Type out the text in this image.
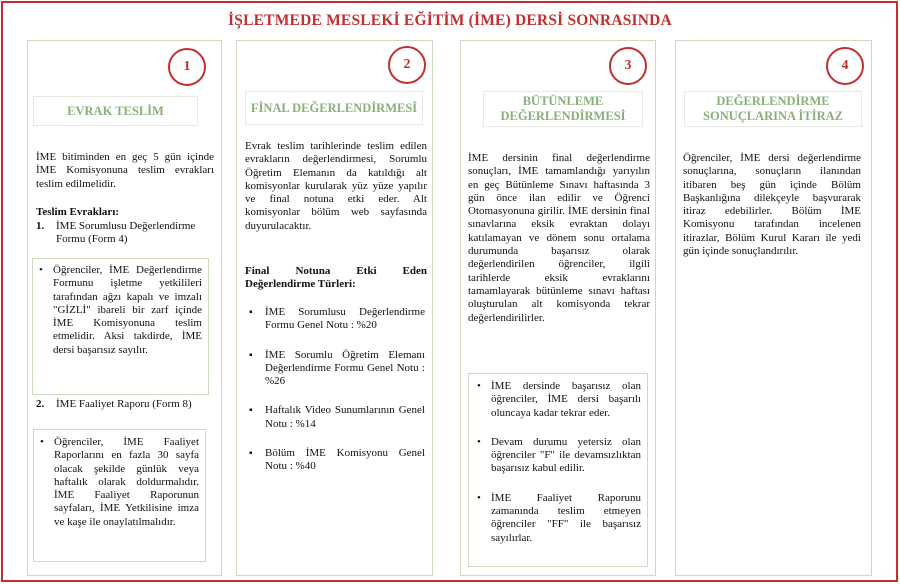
İŞLETMEDE MESLEKİ EĞİTİM (İME) DERSİ SONRASINDA
1
EVRAK TESLİM
İME bitiminden en geç 5 gün içinde İME Komisyonuna teslim evrakları teslim edilmelidir.
Teslim Evrakları:
1.	İME Sorumlusu Değerlendirme Formu (Form 4)
• Öğrenciler, İME Değerlendirme Formunu işletme yetkilileri tarafından ağzı kapalı ve imzalı "GİZLİ" ibareli bir zarf içinde İME Komisyonuna teslim etmelidir. Aksi takdirde, İME dersi başarısız sayılır.
2.	İME Faaliyet Raporu (Form 8)
• Öğrenciler, İME Faaliyet Raporlarını en fazla 30 sayfa olacak şekilde günlük veya haftalık olarak doldurmalıdır. İME Faaliyet Raporunun sayfaları, İME Yetkilisine imza ve kaşe ile onaylatılmalıdır.
2
FİNAL DEĞERLENDİRMESİ
Evrak teslim tarihlerinde teslim edilen evrakların değerlendirmesi, Sorumlu Öğretim Elemanın da katıldığı alt komisyonlar kurularak yüz yüze yapılır ve final notuna etki eder. Alt komisyonlar bölüm web sayfasında duyurulacaktır.
Final Notuna Etki Eden Değerlendirme Türleri:
▪ İME Sorumlusu Değerlendirme Formu Genel Notu : %20
▪ İME Sorumlu Öğretim Elemanı Değerlendirme Formu Genel Notu : %26
▪ Haftalık Video Sunumlarının Genel Notu : %14
▪ Bölüm İME Komisyonu Genel Notu : %40
3
BÜTÜNLEME DEĞERLENDİRMESİ
İME dersinin final değerlendirme sonuçları, İME tamamlandığı yarıyılın en geç Bütünleme Sınavı haftasında 3 gün önce ilan edilir ve Öğrenci Otomasyonuna girilir. İME dersinin final sınavlarına eksik evraktan dolayı katılamayan ve dönem sonu ortalama durumunda başarısız olarak değerlendirilen öğrenciler, ilgili tarihlerde eksik evraklarını tamamlayarak bütünleme sınavı haftası oluşturulan alt komisyonda tekrar değerlendirilirler.
• İME dersinde başarısız olan öğrenciler, İME dersi başarılı oluncaya kadar tekrar eder.
• Devam durumu yetersiz olan öğrenciler "F" ile devamsızlıktan başarısız kabul edilir.
• İME Faaliyet Raporunu zamanında teslim etmeyen öğrenciler "FF" ile başarısız sayılırlar.
4
DEĞERLENDİRME SONUÇLARINA İTİRAZ
Öğrenciler, İME dersi değerlendirme sonuçlarına, sonuçların ilanından itibaren beş gün içinde Bölüm Başkanlığına dilekçeyle başvurarak itiraz edebilirler. Bölüm İME Komisyonu tarafından incelenen itirazlar, Bölüm Kurul Kararı ile yedi gün içinde sonuçlandırılır.
